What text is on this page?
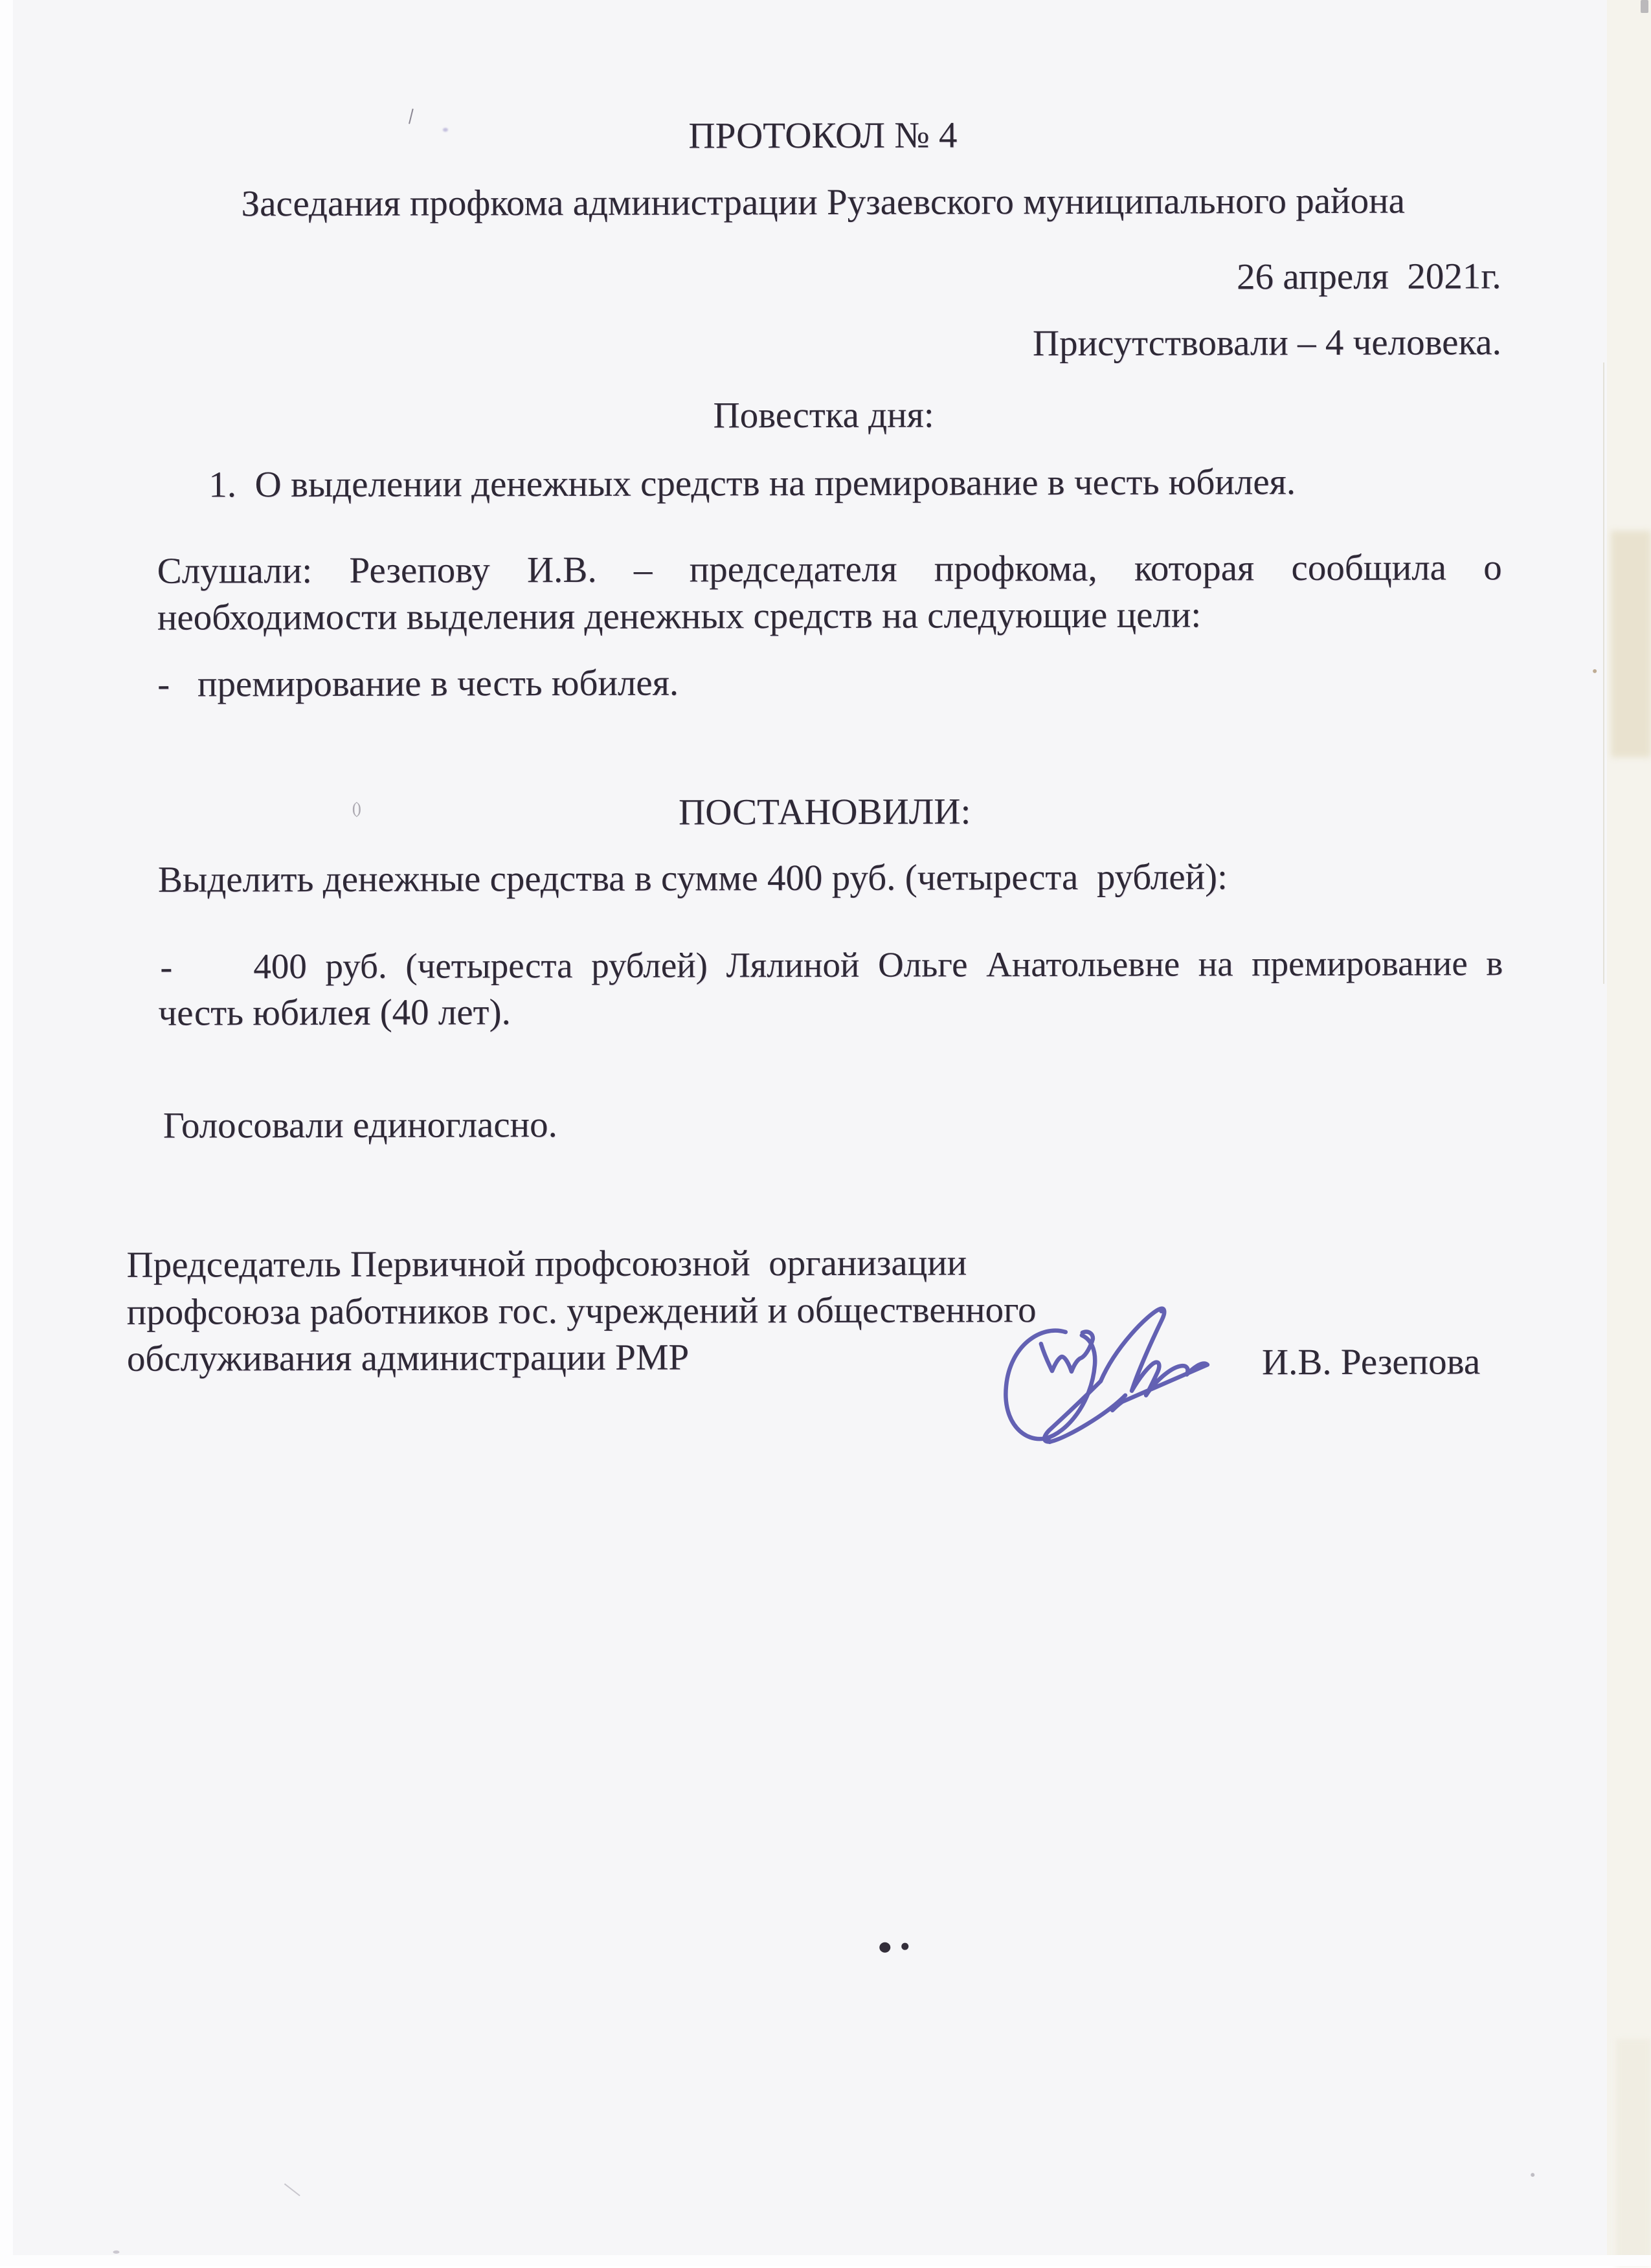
ПРОТОКОЛ № 4
Заседания профкома администрации Рузаевского муниципального района
26 апреля  2021г.
Присутствовали – 4 человека.
Повестка дня:
1.  О выделении денежных средств на премирование в честь юбилея.
Слушали: Резепову И.В. – председателя профкома, которая сообщила о
необходимости выделения денежных средств на следующие цели:
-   премирование в честь юбилея.
ПОСТАНОВИЛИ:
Выделить денежные средства в сумме 400 руб. (четыреста  рублей):
- 400 руб. (четыреста рублей) Лялиной Ольге Анатольевне на премирование в
честь юбилея (40 лет).
Голосовали единогласно.
Председатель Первичной профсоюзной  организации
профсоюза работников гос. учреждений и общественного
обслуживания администрации РМР	И.В. Резепова
()
